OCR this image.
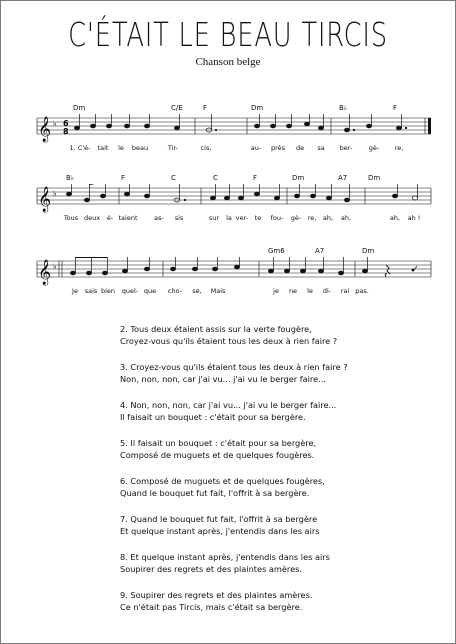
C'ÉTAIT LE BEAU TIRCIS
Chanson belge
𝄞 ♭ 6
8
Dm	C/E	F	Dm	B♭	F
1. C'é- tait le beau	Tir-	cis,	au- près de sa ber-	gè- re,
𝄞 ♭
B♭	F	C	C	F	Dm	A7	Dm
Tous deux é- taient	as- sis	sur la ver- te fou- gè- re, ah, ah,	ah, ah !
𝄞 ♭
Gm6	A7	Dm
Je sais bien quel- que cho- se, Mais	je ne le di- rai pas.
2. Tous deux étaient assis sur la verte fougère,
Croyez-vous qu'ils étaient tous les deux à rien faire ?
3. Croyez-vous qu'ils étaient tous les deux à rien faire ?
Non, non, non, car j'ai vu... j'ai vu le berger faire...
4. Non, non, non, car j'ai vu... j'ai vu le berger faire...
Il faisait un bouquet : c'était pour sa bergère.
5. Il faisait un bouquet : c'était pour sa bergère,
Composé de muguets et de quelques fougères.
6. Composé de muguets et de quelques fougères,
Quand le bouquet fut fait, l'offrit à sa bergère.
7. Quand le bouquet fut fait, l'offrit à sa bergère
Et quelque instant après, j'entendis dans les airs
8. Et quelque instant après, j'entendis dans les airs
Soupirer des regrets et des plaintes amères.
9. Soupirer des regrets et des plaintes amères.
Ce n'était pas Tircis, mais c'était sa bergère.
